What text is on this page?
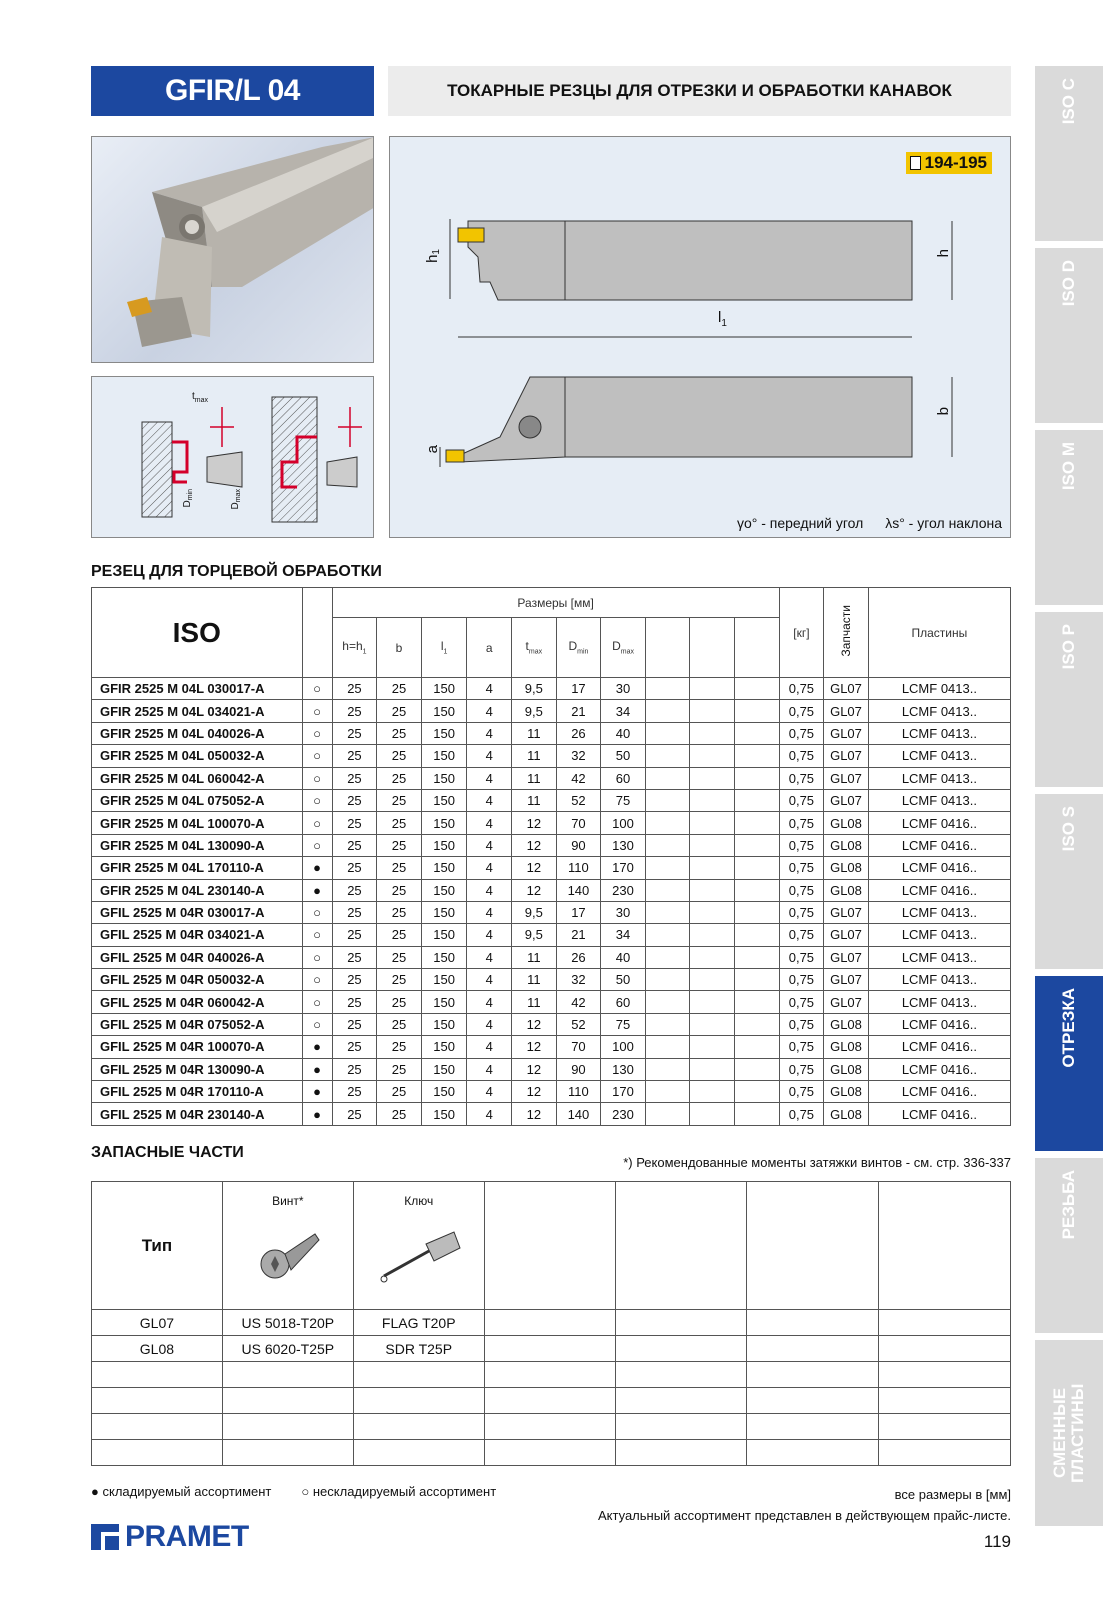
GFIR/L 04	ТОКАРНЫЕ РЕЗЦЫ ДЛЯ ОТРЕЗКИ И ОБРАБОТКИ КАНАВОК
$t_{max}$
$D_{min}$
$D_{max}$
194-195
$h_1$	h
$l_1$
b
a
γo° - передний угол λs° - угол наклона
РЕЗЕЦ ДЛЯ ТОРЦЕВОЙ ОБРАБОТКИ
ISO		Размеры [мм]										[кг]	Запчасти	Пластины
		$h=h_1$	b	$l_1$	a	$t_{max}$	$D_{min}$	$D_{max}$			
GFIR 2525 M 04L 030017-A	○	25	25	150	4	9,5	17	30				0,75	GL07	LCMF 0413..
GFIR 2525 M 04L 034021-A	○	25	25	150	4	9,5	21	34				0,75	GL07	LCMF 0413..
GFIR 2525 M 04L 040026-A	○	25	25	150	4	11	26	40				0,75	GL07	LCMF 0413..
GFIR 2525 M 04L 050032-A	○	25	25	150	4	11	32	50				0,75	GL07	LCMF 0413..
GFIR 2525 M 04L 060042-A	○	25	25	150	4	11	42	60				0,75	GL07	LCMF 0413..
GFIR 2525 M 04L 075052-A	○	25	25	150	4	11	52	75				0,75	GL07	LCMF 0413..
GFIR 2525 M 04L 100070-A	○	25	25	150	4	12	70	100				0,75	GL08	LCMF 0416..
GFIR 2525 M 04L 130090-A	○	25	25	150	4	12	90	130				0,75	GL08	LCMF 0416..
GFIR 2525 M 04L 170110-A	●	25	25	150	4	12	110	170				0,75	GL08	LCMF 0416..
GFIR 2525 M 04L 230140-A	●	25	25	150	4	12	140	230				0,75	GL08	LCMF 0416..
GFIL 2525 M 04R 030017-A	○	25	25	150	4	9,5	17	30				0,75	GL07	LCMF 0413..
GFIL 2525 M 04R 034021-A	○	25	25	150	4	9,5	21	34				0,75	GL07	LCMF 0413..
GFIL 2525 M 04R 040026-A	○	25	25	150	4	11	26	40				0,75	GL07	LCMF 0413..
GFIL 2525 M 04R 050032-A	○	25	25	150	4	11	32	50				0,75	GL07	LCMF 0413..
GFIL 2525 M 04R 060042-A	○	25	25	150	4	11	42	60				0,75	GL07	LCMF 0413..
GFIL 2525 M 04R 075052-A	○	25	25	150	4	12	52	75				0,75	GL08	LCMF 0416..
GFIL 2525 M 04R 100070-A	●	25	25	150	4	12	70	100				0,75	GL08	LCMF 0416..
GFIL 2525 M 04R 130090-A	●	25	25	150	4	12	90	130				0,75	GL08	LCMF 0416..
GFIL 2525 M 04R 170110-A	●	25	25	150	4	12	110	170				0,75	GL08	LCMF 0416..
GFIL 2525 M 04R 230140-A	●	25	25	150	4	12	140	230				0,75	GL08	LCMF 0416..
ЗАПАСНЫЕ ЧАСТИ
*) Рекомендованные моменты затяжки винтов - см. стр. 336-337
Тип	Винт*	Ключ				

GL07	US 5018-T20P	FLAG T20P				
GL08	US 6020-T25P	SDR T25P				

● складируемый ассортимент ○ нескладируемый ассортимент	все размеры в [мм]
Актуальный ассортимент представлен в действующем прайс-листе.
PRAMET	119
ISO C
ISO D
ISO M
ISO P
ISO S
ОТРЕЗКА
РЕЗЬБА
СМЕННЫЕ ПЛАСТИНЫ
